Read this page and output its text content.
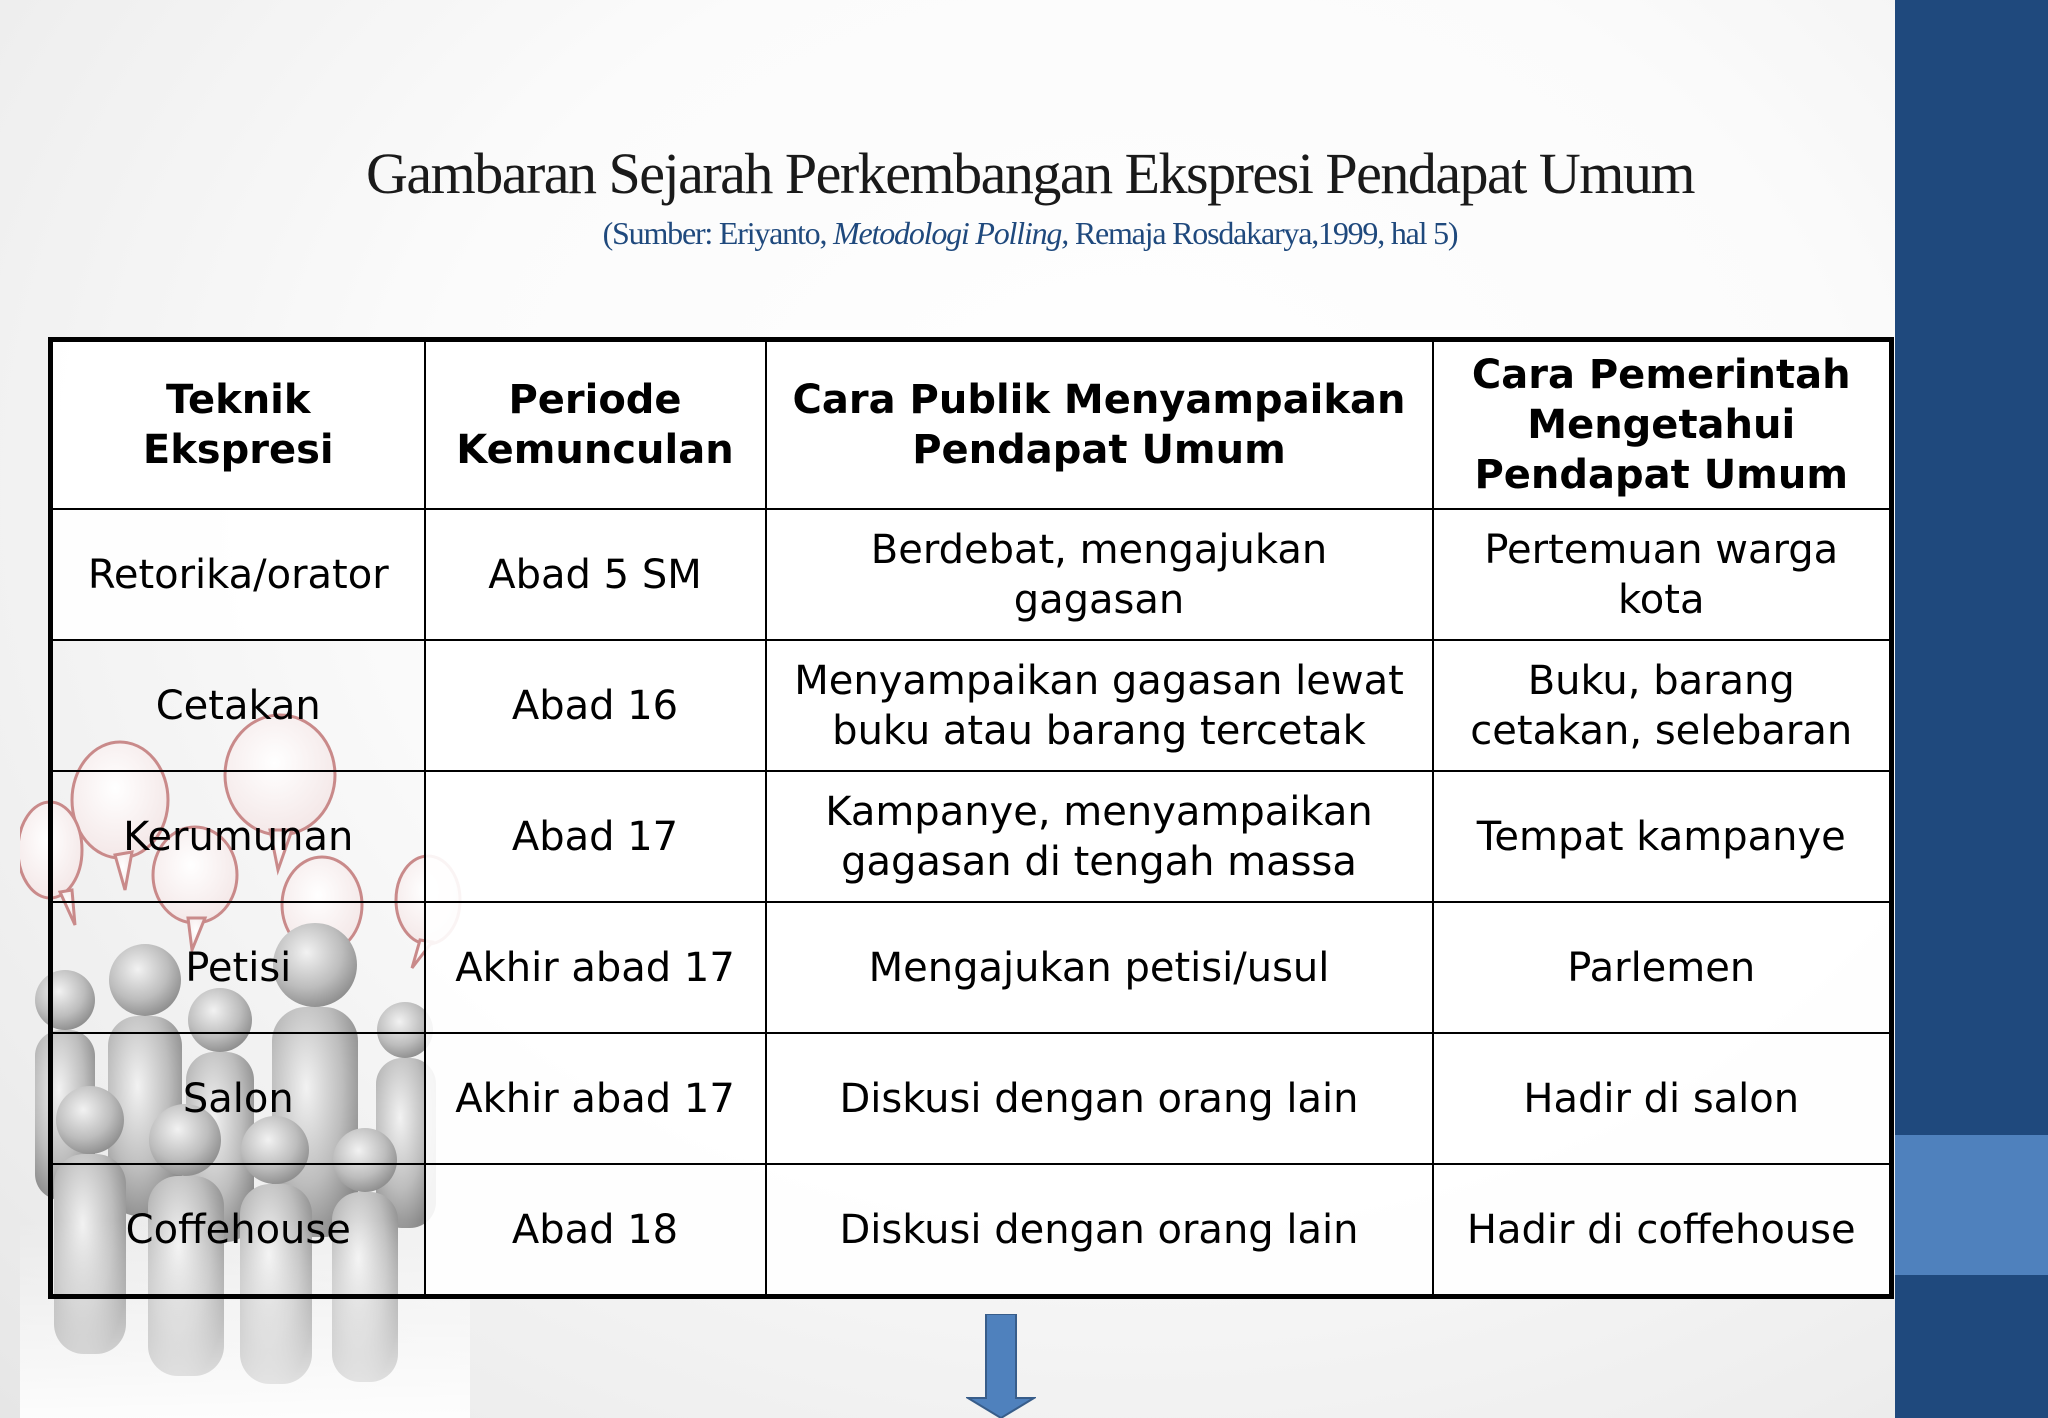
Gambaran Sejarah Perkembangan Ekspresi Pendapat Umum
(Sumber: Eriyanto, Metodologi Polling, Remaja Rosdakarya,1999, hal 5)
Teknik Ekspresi	Periode Kemunculan	Cara Publik Menyampaikan Pendapat Umum	Cara Pemerintah Mengetahui Pendapat Umum
Retorika/orator	Abad 5 SM	Berdebat, mengajukan gagasan	Pertemuan warga kota
Cetakan	Abad 16	Menyampaikan gagasan lewat buku atau barang tercetak	Buku, barang cetakan, selebaran
Kerumunan	Abad 17	Kampanye, menyampaikan gagasan di tengah massa	Tempat kampanye
Petisi	Akhir abad 17	Mengajukan petisi/usul	Parlemen
Salon	Akhir abad 17	Diskusi dengan orang lain	Hadir di salon
Coffehouse	Abad 18	Diskusi dengan orang lain	Hadir di coffehouse
